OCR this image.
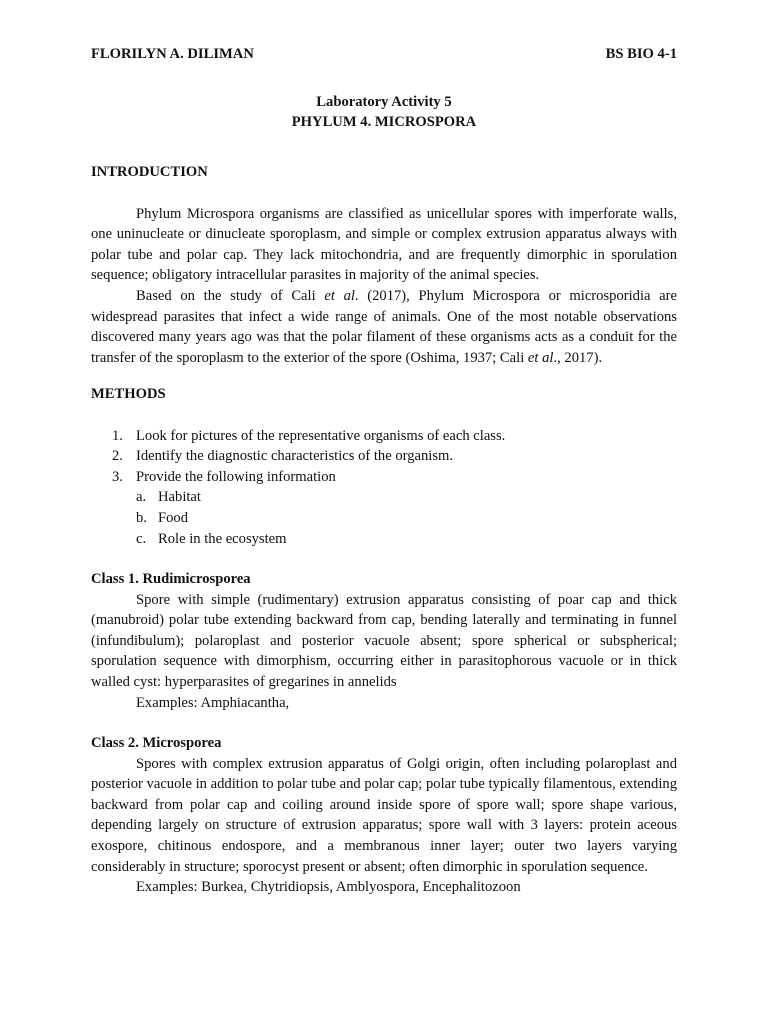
FLORILYN A. DILIMAN	BS BIO 4-1
Laboratory Activity 5
PHYLUM 4. MICROSPORA
INTRODUCTION

Phylum Microspora organisms are classified as unicellular spores with imperforate walls, one uninucleate or dinucleate sporoplasm, and simple or complex extrusion apparatus always with polar tube and polar cap. They lack mitochondria, and are frequently dimorphic in sporulation sequence; obligatory intracellular parasites in majority of the animal species.

Based on the study of Cali et al. (2017), Phylum Microspora or microsporidia are widespread parasites that infect a wide range of animals. One of the most notable observations discovered many years ago was that the polar filament of these organisms acts as a conduit for the transfer of the sporoplasm to the exterior of the spore (Oshima, 1937; Cali et al., 2017).

METHODS
1. Look for pictures of the representative organisms of each class.
2. Identify the diagnostic characteristics of the organism.
3. Provide the following information
a. Habitat
b. Food
c. Role in the ecosystem
Class 1. Rudimicrosporea

Spore with simple (rudimentary) extrusion apparatus consisting of poar cap and thick (manubroid) polar tube extending backward from cap, bending laterally and terminating in funnel (infundibulum); polaroplast and posterior vacuole absent; spore spherical or subspherical; sporulation sequence with dimorphism, occurring either in parasitophorous vacuole or in thick walled cyst: hyperparasites of gregarines in annelids

Examples: Amphiacantha,

Class 2. Microsporea

Spores with complex extrusion apparatus of Golgi origin, often including polaroplast and posterior vacuole in addition to polar tube and polar cap; polar tube typically filamentous, extending backward from polar cap and coiling around inside spore of spore wall; spore shape various, depending largely on structure of extrusion apparatus; spore wall with 3 layers: protein aceous exospore, chitinous endospore, and a membranous inner layer; outer two layers varying considerably in structure; sporocyst present or absent; often dimorphic in sporulation sequence.

Examples: Burkea, Chytridiopsis, Amblyospora, Encephalitozoon
